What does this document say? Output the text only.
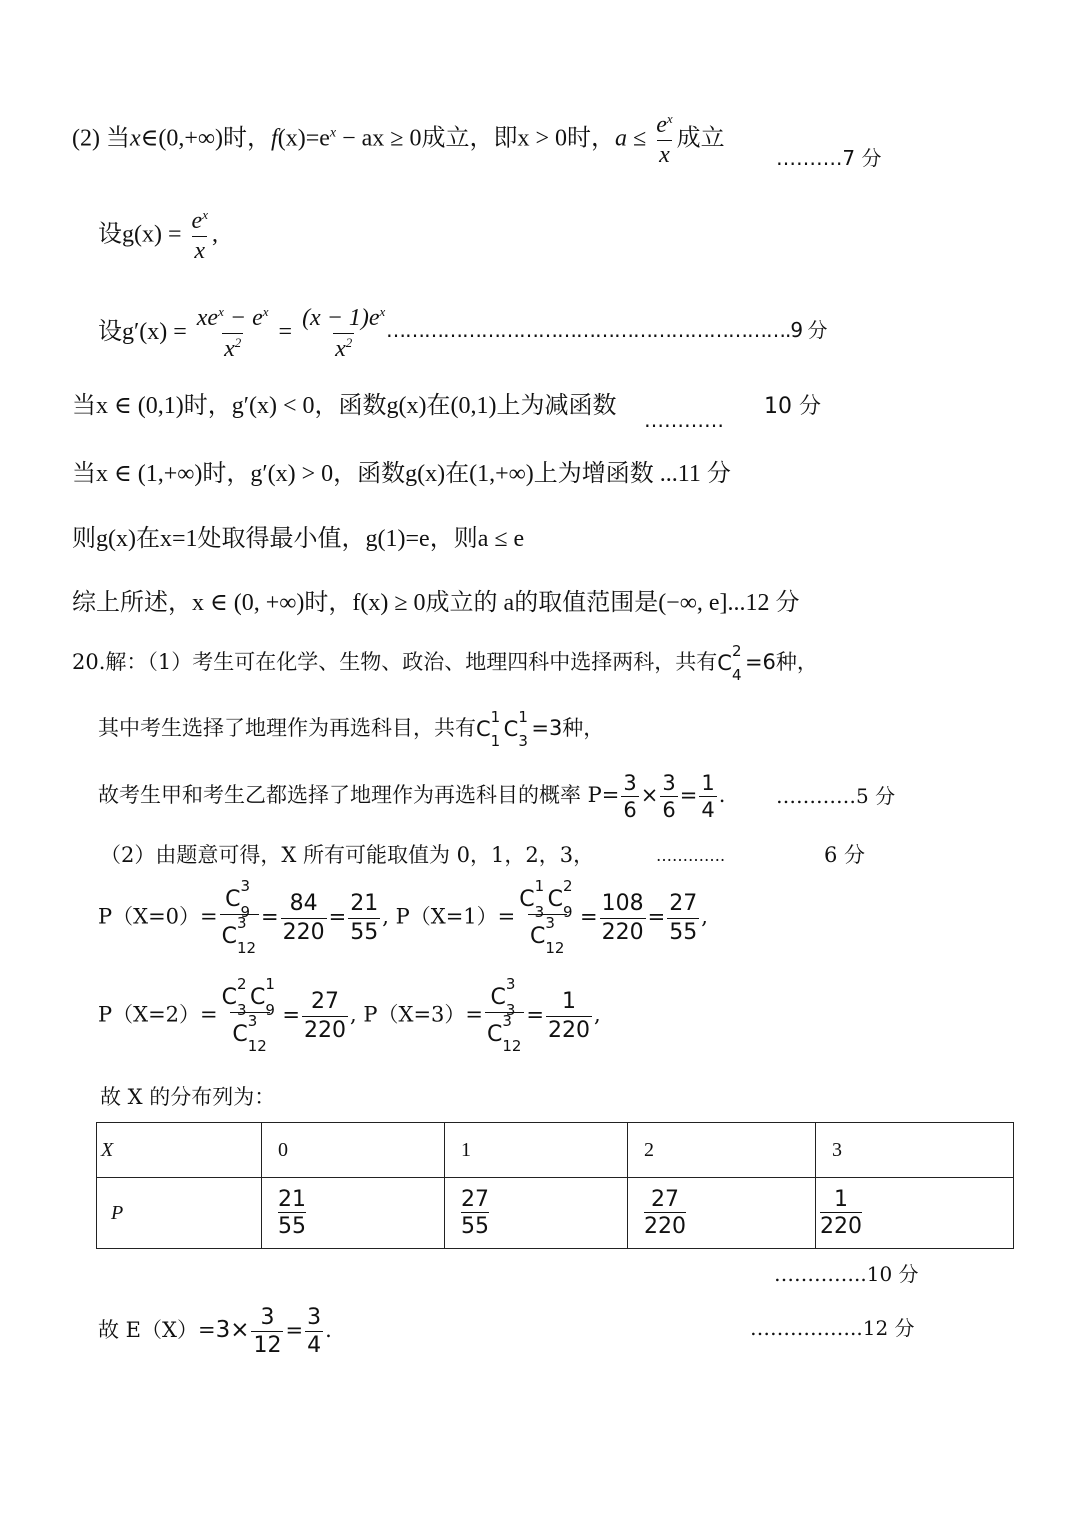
(2) 当x∈(0,+∞)时，$f(x)=e^x$ − ax ≥ 0成立，即x > 0时，$a \le \frac{e^x}{x}$ 成立
……….7 分
设$g(x) = \frac{e^x}{x}$ ,
设g′(x) =
$xe^x - e^x$
$x^2 = \frac{(x - 1)e^x}{x^2}$
……………………………………………………….9 分
当x ∈ (0,1)时，g′(x) < 0，函数g(x)在(0,1)上为减函数
…………
10 分
当x ∈ (1,+∞)时，g′(x) > 0，函数g(x)在(1,+∞)上为增函数 ...11 分
则g(x)在x=1处取得最小值，g(1)=e，则a ≤ e
综上所述，x ∈ (0, +∞)时，f(x) ≥ 0成立的 a的取值范围是(−∞, e]...12 分
20.解：（1）考生可在化学、生物、政治、地理四科中选择两科，共有C 2
4
=6种，
其中考生选择了地理作为再选科目，共有C 1
1 C 1
3
=3种，
故考生甲和考生乙都选择了地理作为再选科目的概率 $P= \frac{3}{6} \times \frac{3}{6} = \frac{1}{4}$ .	…………5 分
（2）由题意可得，X 所有可能取值为 0，1，2，3，	………….	6 分
P（X=0）= C
3
9
C
3
$12 = \frac{84}{220} = \frac{21}{55}$ , P（X=1）= C
1
3 C
2
9
C
3
$12 = \frac{108}{220} = \frac{27}{55}$ ,
P（X=2）= C
2
3 C
1
9
C
3
$12 = \frac{27}{220}$ , P（X=3）= C
3
3
C
3
$12 = \frac{1}{220}$ ,
故 X 的分布列为：
X	0	1	2	3
P	$\frac{21}{55}$	$\frac{27}{55}$	$\frac{27}{220}$	$\frac{1}{220}$
…………..10 分
故 $E(X)=3\times \frac{3}{12} = \frac{3}{4}$ .	……………..12 分
